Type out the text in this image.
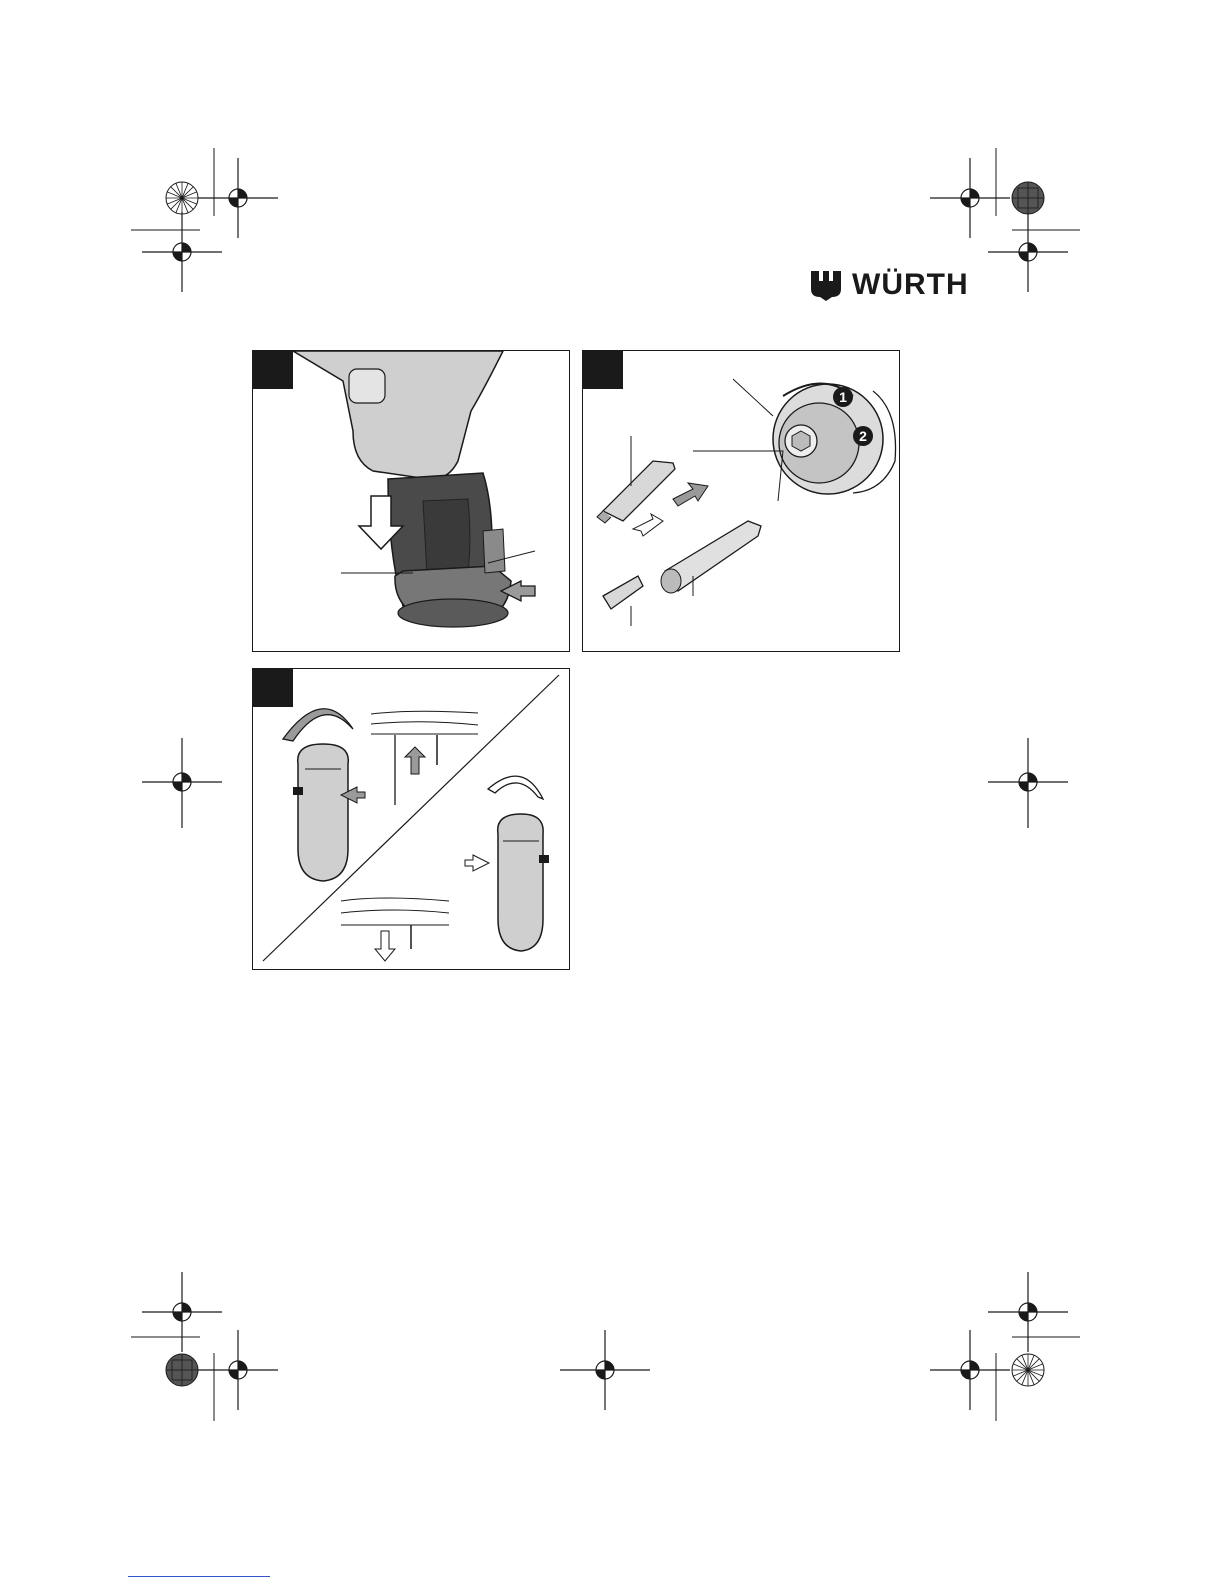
WÜRTH
1
2
